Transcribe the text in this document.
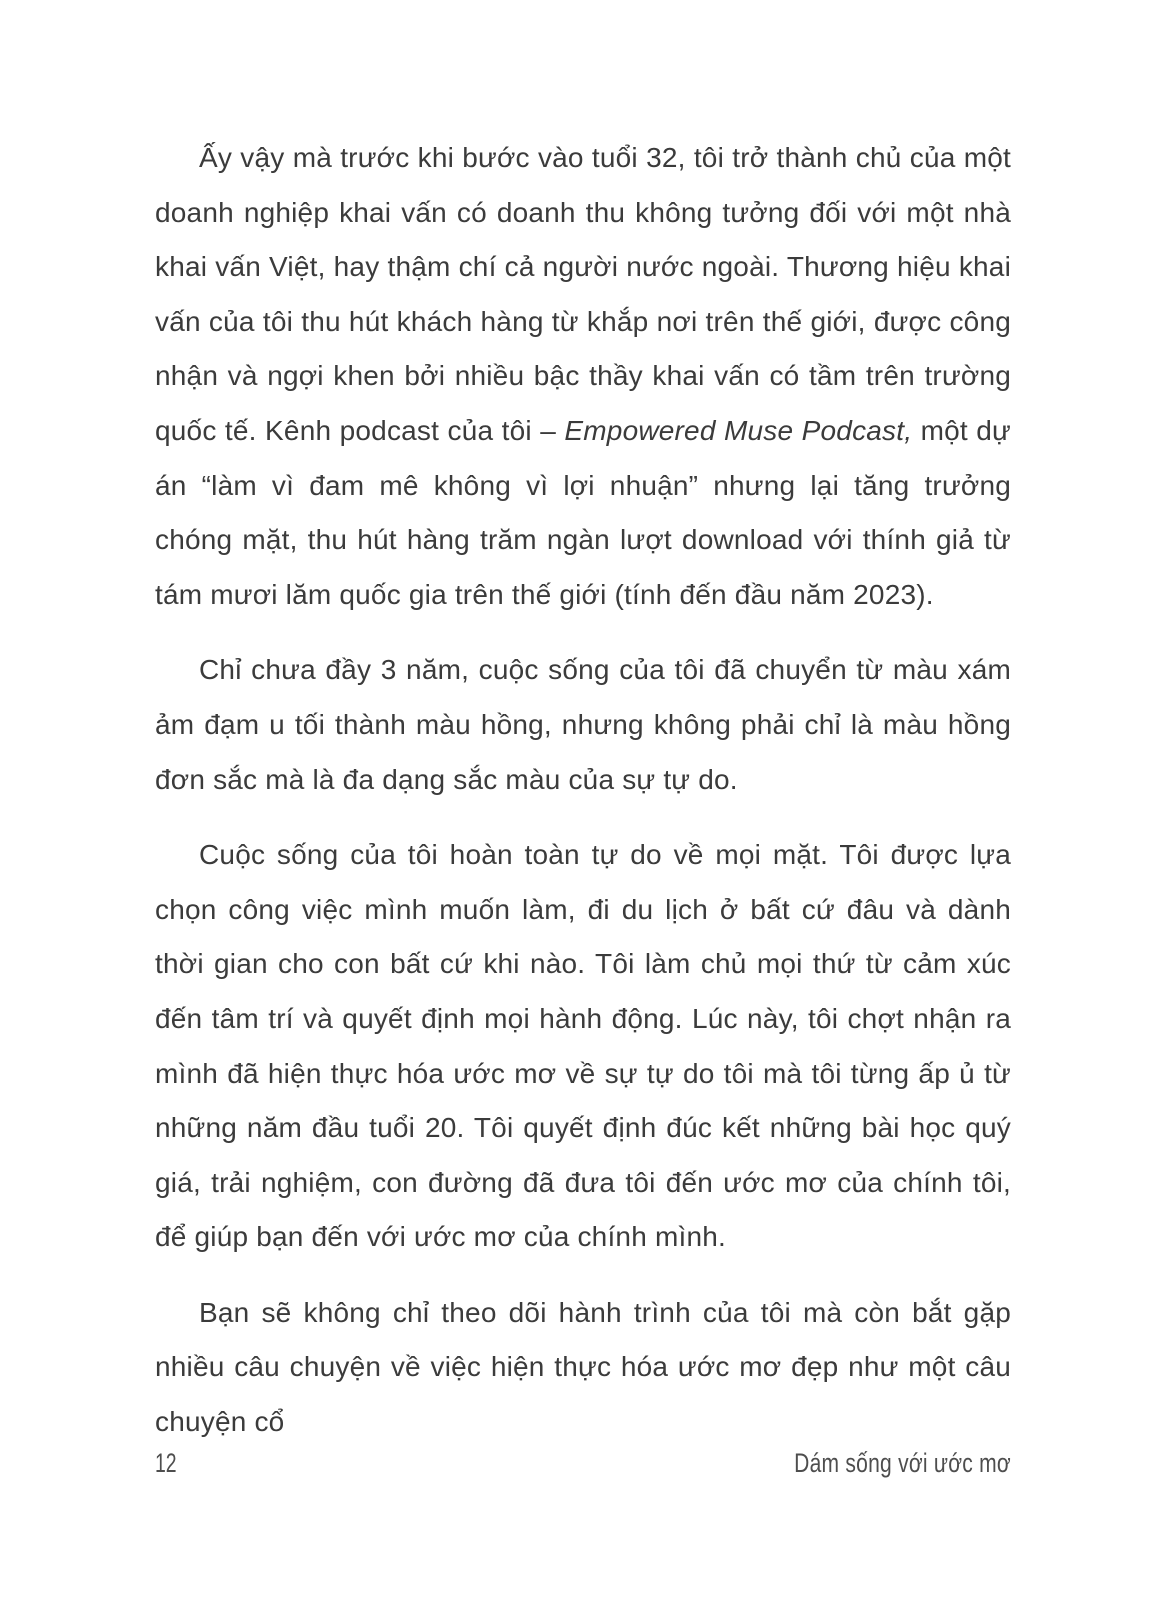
Ấy vậy mà trước khi bước vào tuổi 32, tôi trở thành chủ của một doanh nghiệp khai vấn có doanh thu không tưởng đối với một nhà khai vấn Việt, hay thậm chí cả người nước ngoài. Thương hiệu khai vấn của tôi thu hút khách hàng từ khắp nơi trên thế giới, được công nhận và ngợi khen bởi nhiều bậc thầy khai vấn có tầm trên trường quốc tế. Kênh podcast của tôi – Empowered Muse Podcast, một dự án “làm vì đam mê không vì lợi nhuận” nhưng lại tăng trưởng chóng mặt, thu hút hàng trăm ngàn lượt download với thính giả từ tám mươi lăm quốc gia trên thế giới (tính đến đầu năm 2023).

Chỉ chưa đầy 3 năm, cuộc sống của tôi đã chuyển từ màu xám ảm đạm u tối thành màu hồng, nhưng không phải chỉ là màu hồng đơn sắc mà là đa dạng sắc màu của sự tự do.

Cuộc sống của tôi hoàn toàn tự do về mọi mặt. Tôi được lựa chọn công việc mình muốn làm, đi du lịch ở bất cứ đâu và dành thời gian cho con bất cứ khi nào. Tôi làm chủ mọi thứ từ cảm xúc đến tâm trí và quyết định mọi hành động. Lúc này, tôi chợt nhận ra mình đã hiện thực hóa ước mơ về sự tự do tôi mà tôi từng ấp ủ từ những năm đầu tuổi 20. Tôi quyết định đúc kết những bài học quý giá, trải nghiệm, con đường đã đưa tôi đến ước mơ của chính tôi, để giúp bạn đến với ước mơ của chính mình.

Bạn sẽ không chỉ theo dõi hành trình của tôi mà còn bắt gặp nhiều câu chuyện về việc hiện thực hóa ước mơ đẹp như một câu chuyện cổ

12	Dám sống với ước mơ
